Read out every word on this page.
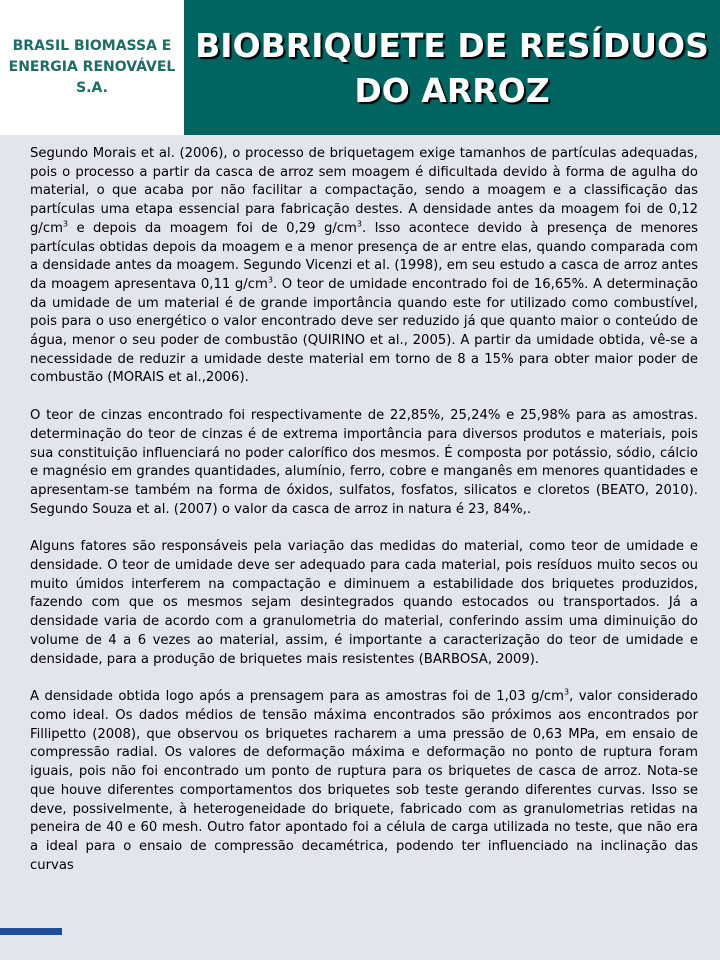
BRASIL BIOMASSA E ENERGIA RENOVÁVEL S.A.
BIOBRIQUETE DE RESÍDUOS DO ARROZ

Segundo Morais et al. (2006), o processo de briquetagem exige tamanhos de partículas adequadas, pois o processo a partir da casca de arroz sem moagem é dificultada devido à forma de agulha do material, o que acaba por não facilitar a compactação, sendo a moagem e a classificação das partículas uma etapa essencial para fabricação destes. A densidade antes da moagem foi de 0,12 $g/cm^3$ e depois da moagem foi de 0,29 $g/cm^3$. Isso acontece devido à presença de menores partículas obtidas depois da moagem e a menor presença de ar entre elas, quando comparada com a densidade antes da moagem. Segundo Vicenzi et al. (1998), em seu estudo a casca de arroz antes da moagem apresentava 0,11 $g/cm^3$. O teor de umidade encontrado foi de 16,65%. A determinação da umidade de um material é de grande importância quando este for utilizado como combustível, pois para o uso energético o valor encontrado deve ser reduzido já que quanto maior o conteúdo de água, menor o seu poder de combustão (QUIRINO et al., 2005). A partir da umidade obtida, vê-se a necessidade de reduzir a umidade deste material em torno de 8 a 15% para obter maior poder de combustão (MORAIS et al.,2006).

O teor de cinzas encontrado foi respectivamente de 22,85%, 25,24% e 25,98% para as amostras. determinação do teor de cinzas é de extrema importância para diversos produtos e materiais, pois sua constituição influenciará no poder calorífico dos mesmos. É composta por potássio, sódio, cálcio e magnésio em grandes quantidades, alumínio, ferro, cobre e manganês em menores quantidades e apresentam-se também na forma de óxidos, sulfatos, fosfatos, silicatos e cloretos (BEATO, 2010). Segundo Souza et al. (2007) o valor da casca de arroz in natura é 23, 84%,.

Alguns fatores são responsáveis pela variação das medidas do material, como teor de umidade e densidade. O teor de umidade deve ser adequado para cada material, pois resíduos muito secos ou muito úmidos interferem na compactação e diminuem a estabilidade dos briquetes produzidos, fazendo com que os mesmos sejam desintegrados quando estocados ou transportados. Já a densidade varia de acordo com a granulometria do material, conferindo assim uma diminuição do volume de 4 a 6 vezes ao material, assim, é importante a caracterização do teor de umidade e densidade, para a produção de briquetes mais resistentes (BARBOSA, 2009).

A densidade obtida logo após a prensagem para as amostras foi de 1,03 $g/cm^3$, valor considerado como ideal. Os dados médios de tensão máxima encontrados são próximos aos encontrados por Fillipetto (2008), que observou os briquetes racharem a uma pressão de 0,63 MPa, em ensaio de compressão radial. Os valores de deformação máxima e deformação no ponto de ruptura foram iguais, pois não foi encontrado um ponto de ruptura para os briquetes de casca de arroz. Nota-se que houve diferentes comportamentos dos briquetes sob teste gerando diferentes curvas. Isso se deve, possivelmente, à heterogeneidade do briquete, fabricado com as granulometrias retidas na peneira de 40 e 60 mesh. Outro fator apontado foi a célula de carga utilizada no teste, que não era a ideal para o ensaio de compressão decamétrica, podendo ter influenciado na inclinação das curvas
